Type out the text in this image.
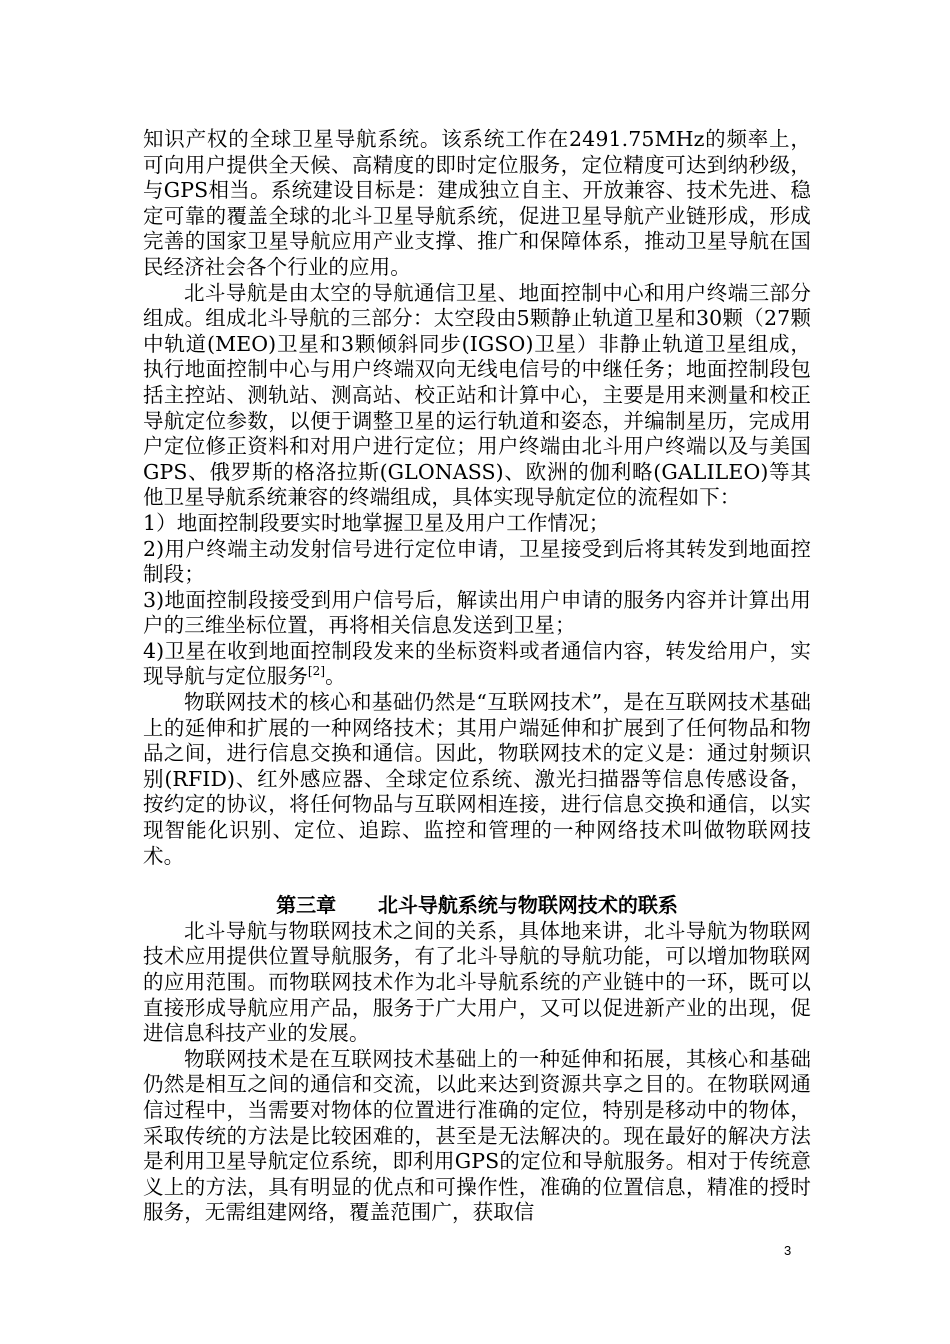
知识产权的全球卫星导航系统。该系统工作在2491.75MHz的频率上，可向用户提供全天候、高精度的即时定位服务，定位精度可达到纳秒级，与GPS相当。系统建设目标是：建成独立自主、开放兼容、技术先进、稳定可靠的覆盖全球的北斗卫星导航系统，促进卫星导航产业链形成，形成完善的国家卫星导航应用产业支撑、推广和保障体系，推动卫星导航在国民经济社会各个行业的应用。

北斗导航是由太空的导航通信卫星、地面控制中心和用户终端三部分组成。组成北斗导航的三部分：太空段由5颗静止轨道卫星和30颗（27颗中轨道(MEO)卫星和3颗倾斜同步(IGSO)卫星）非静止轨道卫星组成，执行地面控制中心与用户终端双向无线电信号的中继任务；地面控制段包括主控站、测轨站、测高站、校正站和计算中心，主要是用来测量和校正导航定位参数，以便于调整卫星的运行轨道和姿态，并编制星历，完成用户定位修正资料和对用户进行定位；用户终端由北斗用户终端以及与美国GPS、俄罗斯的格洛拉斯(GLONASS)、欧洲的伽利略(GALILEO)等其他卫星导航系统兼容的终端组成，具体实现导航定位的流程如下：

1）地面控制段要实时地掌握卫星及用户工作情况；

2)用户终端主动发射信号进行定位申请，卫星接受到后将其转发到地面控制段；

3)地面控制段接受到用户信号后，解读出用户申请的服务内容并计算出用户的三维坐标位置，再将相关信息发送到卫星；

4)卫星在收到地面控制段发来的坐标资料或者通信内容，转发给用户，实现导航与定位服务[2]。

物联网技术的核心和基础仍然是“互联网技术”，是在互联网技术基础上的延伸和扩展的一种网络技术；其用户端延伸和扩展到了任何物品和物品之间，进行信息交换和通信。因此，物联网技术的定义是：通过射频识别(RFID)、红外感应器、全球定位系统、激光扫描器等信息传感设备，按约定的协议，将任何物品与互联网相连接，进行信息交换和通信，以实现智能化识别、定位、追踪、监控和管理的一种网络技术叫做物联网技术。

第三章 北斗导航系统与物联网技术的联系

北斗导航与物联网技术之间的关系，具体地来讲，北斗导航为物联网技术应用提供位置导航服务，有了北斗导航的导航功能，可以增加物联网的应用范围。而物联网技术作为北斗导航系统的产业链中的一环，既可以直接形成导航应用产品，服务于广大用户，又可以促进新产业的出现，促进信息科技产业的发展。

物联网技术是在互联网技术基础上的一种延伸和拓展，其核心和基础仍然是相互之间的通信和交流，以此来达到资源共享之目的。在物联网通信过程中，当需要对物体的位置进行准确的定位，特别是移动中的物体，采取传统的方法是比较困难的，甚至是无法解决的。现在最好的解决方法是利用卫星导航定位系统，即利用GPS的定位和导航服务。相对于传统意义上的方法，具有明显的优点和可操作性，准确的位置信息，精准的授时服务，无需组建网络，覆盖范围广，获取信

3
